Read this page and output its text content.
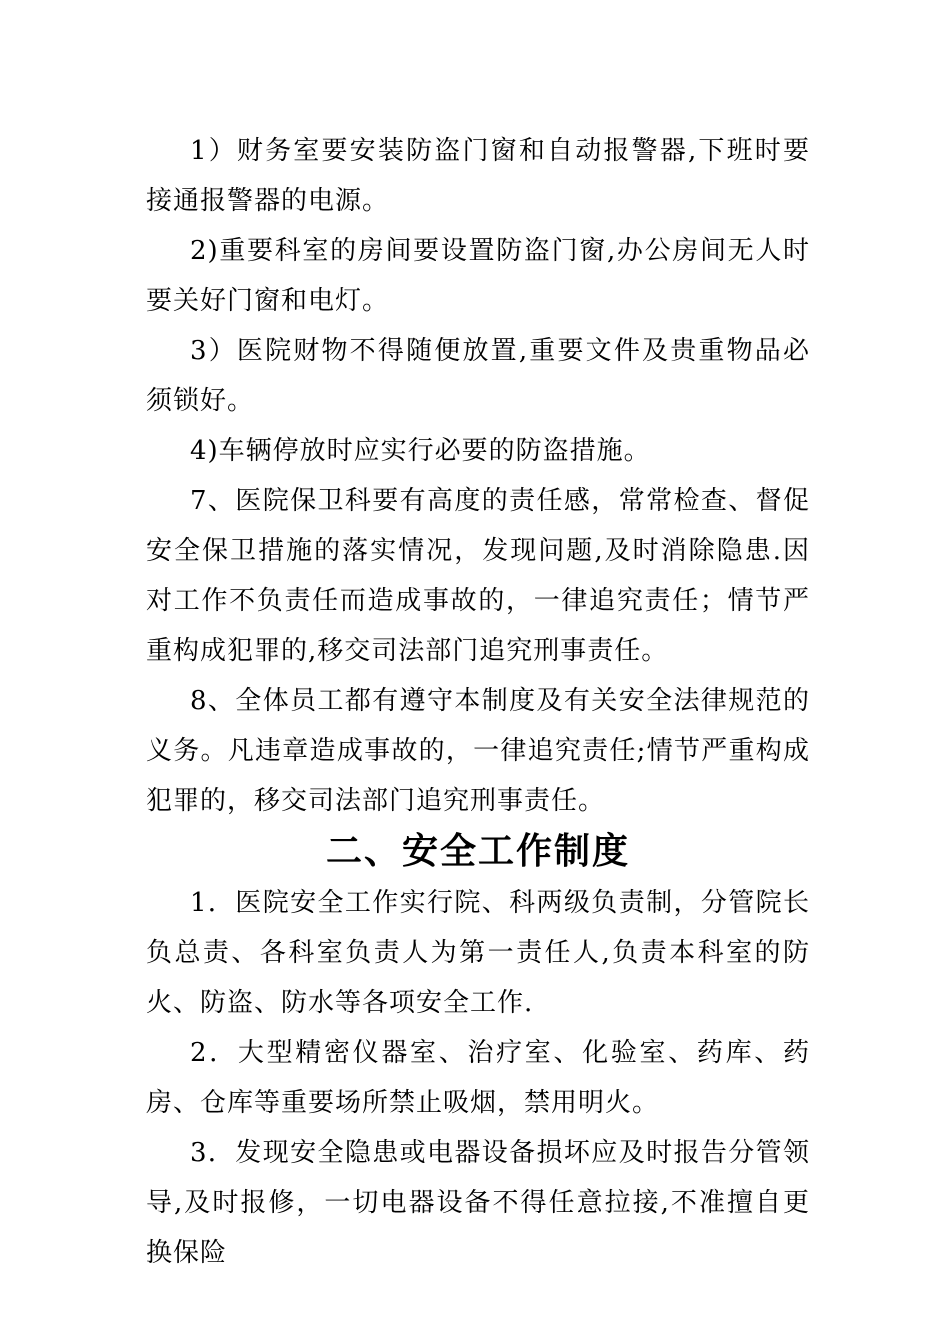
1）财务室要安装防盗门窗和自动报警器,下班时要接通报警器的电源。

2)重要科室的房间要设置防盗门窗,办公房间无人时要关好门窗和电灯。

3）医院财物不得随便放置,重要文件及贵重物品必须锁好。

4)车辆停放时应实行必要的防盗措施。

7、医院保卫科要有高度的责任感，常常检查、督促安全保卫措施的落实情况，发现问题,及时消除隐患.因对工作不负责任而造成事故的，一律追究责任；情节严重构成犯罪的,移交司法部门追究刑事责任。

8、全体员工都有遵守本制度及有关安全法律规范的义务。凡违章造成事故的，一律追究责任;情节严重构成犯罪的，移交司法部门追究刑事责任。

二、安全工作制度

1．医院安全工作实行院、科两级负责制，分管院长负总责、各科室负责人为第一责任人,负责本科室的防火、防盗、防水等各项安全工作.

2．大型精密仪器室、治疗室、化验室、药库、药房、仓库等重要场所禁止吸烟，禁用明火。

3．发现安全隐患或电器设备损坏应及时报告分管领导,及时报修，一切电器设备不得任意拉接,不准擅自更换保险
